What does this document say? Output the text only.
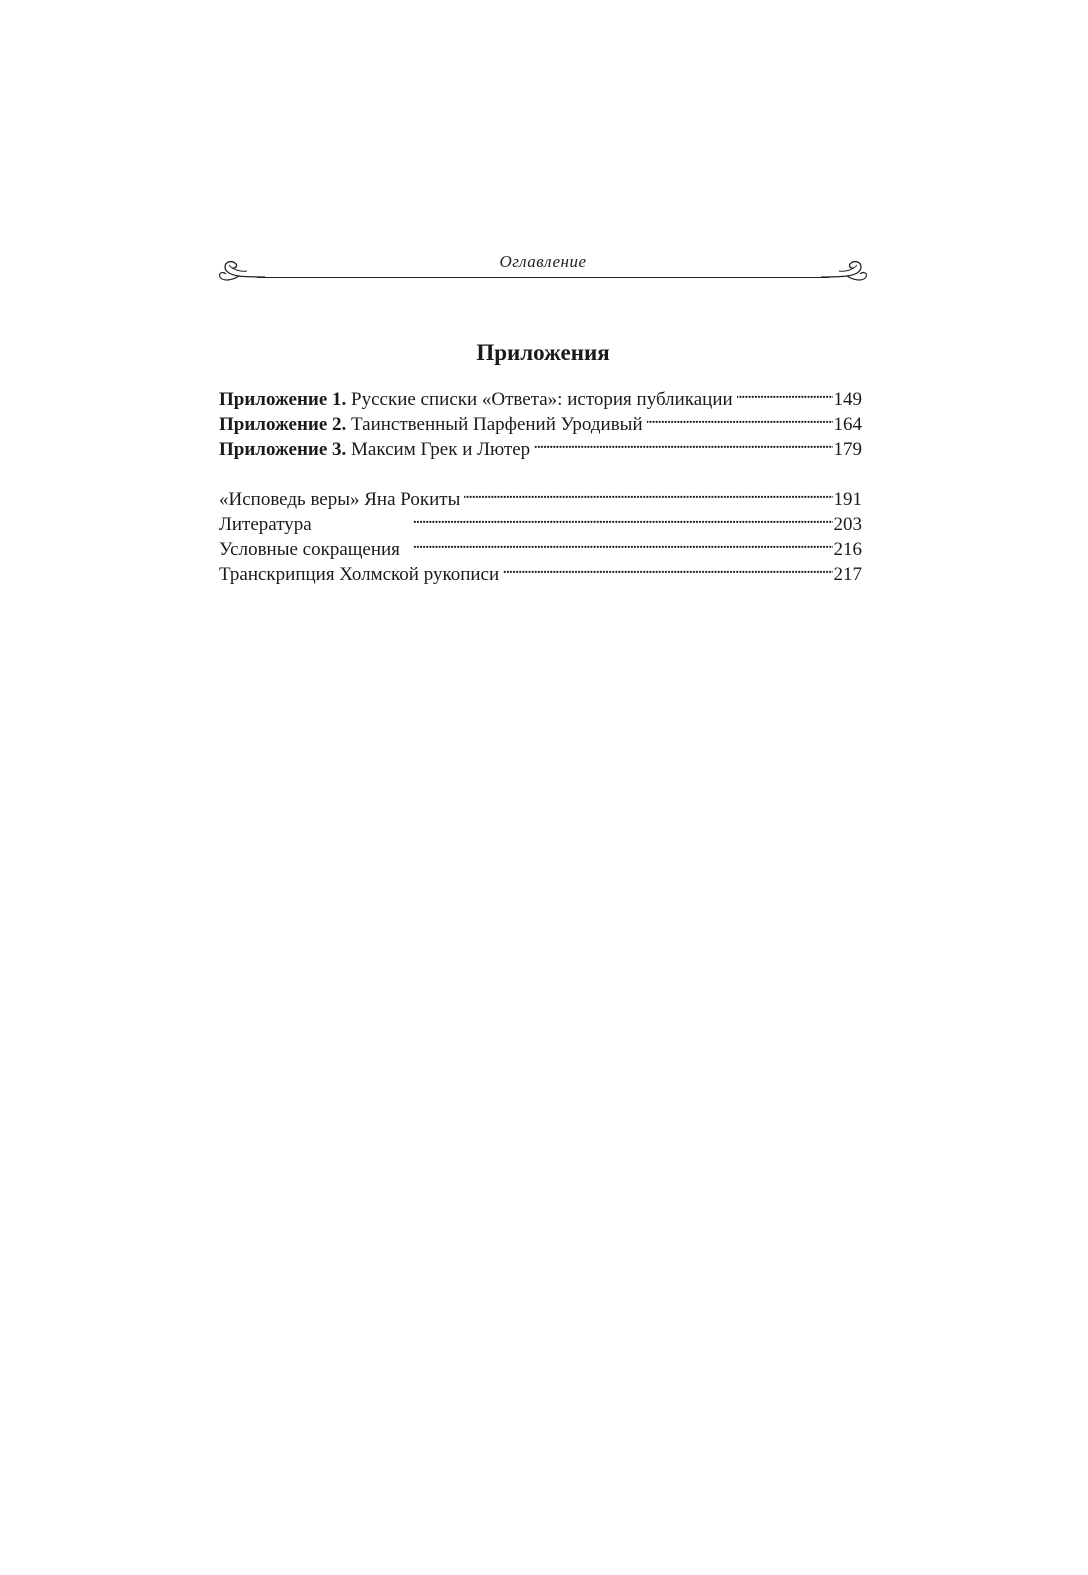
Оглавление
Приложения
Приложение 1. Русские списки «Ответа»: история публикации . . .	149
Приложение 2. Таинственный Парфений Уродивый . . .	164
Приложение 3. Максим Грек и Лютер . . .	179
«Исповедь веры» Яна Рокиты . . .	191
Литература . . .	203
Условные сокращения . . .	216
Транскрипция Холмской рукописи . . .	217
